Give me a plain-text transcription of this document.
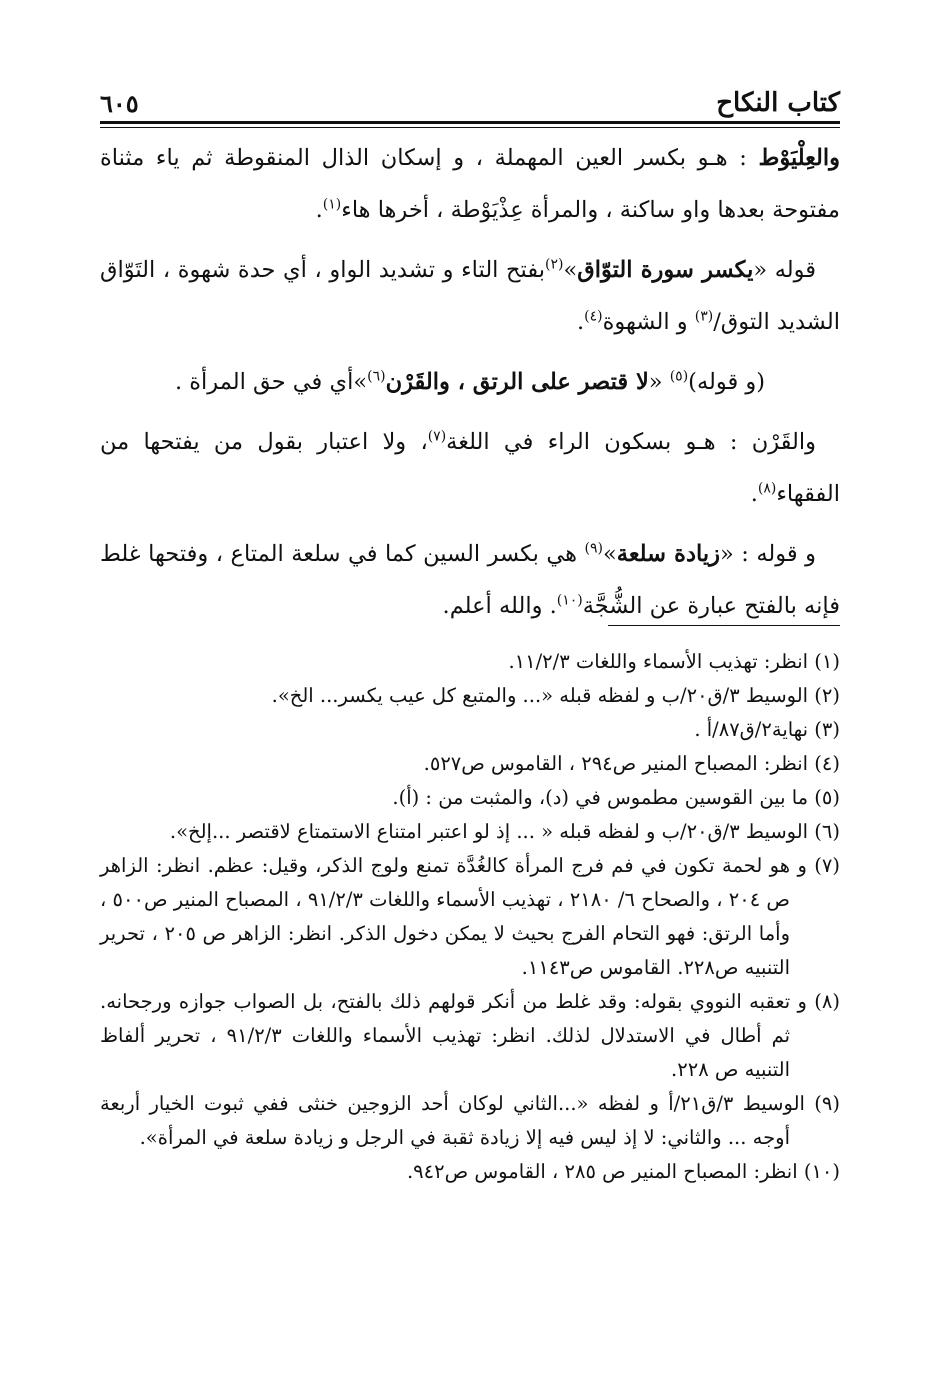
كتاب النكاح
٦٠٥

والعِلْيَوْط : هـو بكسر العين المهملة ، و إسكان الذال المنقوطة ثم ياء مثناة مفتوحة بعدها واو ساكنة ، والمرأة عِذْيَوْطة ، أخرها هاء$^{(١)}$.

قوله «يكسر سورة التوّاق»$^{(٢)}$بفتح التاء و تشديد الواو ، أي حدة شهوة ، التَوّاق الشديد التوق/$^{(٣)}$ و الشهوة$^{(٤)}$.

(و قوله)$^{(٥)}$ «لا قتصر على الرتق ، والقَرْن$^{(٦)}$»أي في حق المرأة .

والقَرْن : هـو بسكون الراء في اللغة$^{(٧)}$، ولا اعتبار بقول من يفتحها من الفقهاء$^{(٨)}$.

و قوله : «زيادة سلعة»$^{(٩)}$ هي بكسر السين كما في سلعة المتاع ، وفتحها غلط فإنه بالفتح عبارة عن الشُّجَّة$^{(١٠)}$. والله أعلم.

(١) انظر: تهذيب الأسماء واللغات ١١/٢/٣.

(٢) الوسيط ٣/ق٢٠/ب و لفظه قبله «... والمتبع كل عيب يكسر... الخ».

(٣) نهاية٢/ق٨٧/أ .

(٤) انظر: المصباح المنير ص٢٩٤ ، القاموس ص٥٢٧.

(٥) ما بين القوسين مطموس في (د)، والمثبت من : (أ).

(٦) الوسيط ٣/ق٢٠/ب و لفظه قبله « ... إذ لو اعتبر امتناع الاستمتاع لاقتصر ...إلخ».

(٧) و هو لحمة تكون في فم فرج المرأة كالغُدَّة تمنع ولوج الذكر، وقيل: عظم. انظر: الزاهر ص ٢٠٤ ، والصحاح ٦/ ٢١٨٠ ، تهذيب الأسماء واللغات ٩١/٢/٣ ، المصباح المنير ص٥٠٠ ، وأما الرتق: فهو التحام الفرج بحيث لا يمكن دخول الذكر. انظر: الزاهر ص ٢٠٥ ، تحرير التنبيه ص٢٢٨. القاموس ص١١٤٣.

(٨) و تعقبه النووي بقوله: وقد غلط من أنكر قولهم ذلك بالفتح، بل الصواب جوازه ورجحانه. ثم أطال في الاستدلال لذلك. انظر: تهذيب الأسماء واللغات ٩١/٢/٣ ، تحرير ألفاظ التنبيه ص ٢٢٨.

(٩) الوسيط ٣/ق٢١/أ و لفظه «...الثاني لوكان أحد الزوجين خنثى ففي ثبوت الخيار أربعة أوجه ... والثاني: لا إذ ليس فيه إلا زيادة ثقبة في الرجل و زيادة سلعة في المرأة».

(١٠) انظر: المصباح المنير ص ٢٨٥ ، القاموس ص٩٤٢.
